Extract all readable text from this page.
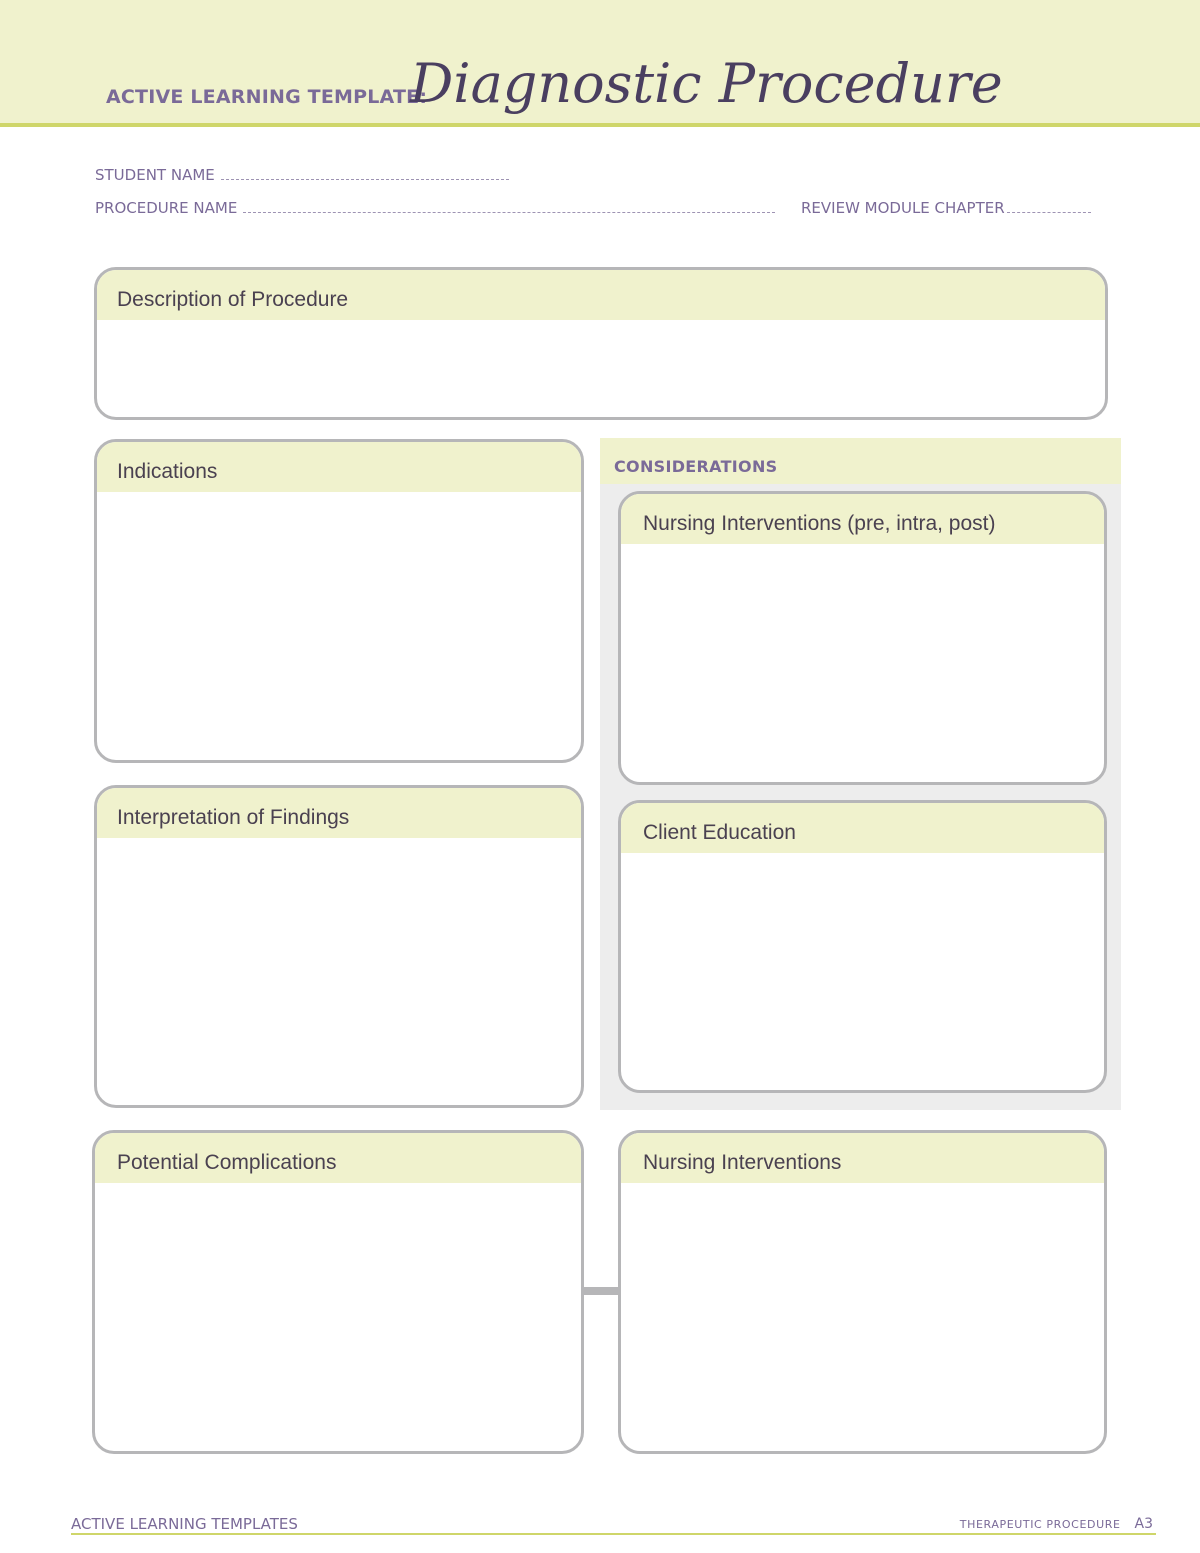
ACTIVE LEARNING TEMPLATE:
Diagnostic Procedure
STUDENT NAME
PROCEDURE NAME	REVIEW MODULE CHAPTER
Description of Procedure
Indications
Interpretation of Findings
CONSIDERATIONS
Nursing Interventions (pre, intra, post)
Client Education
Potential Complications	Nursing Interventions
ACTIVE LEARNING TEMPLATES	THERAPEUTIC PROCEDURE A3
